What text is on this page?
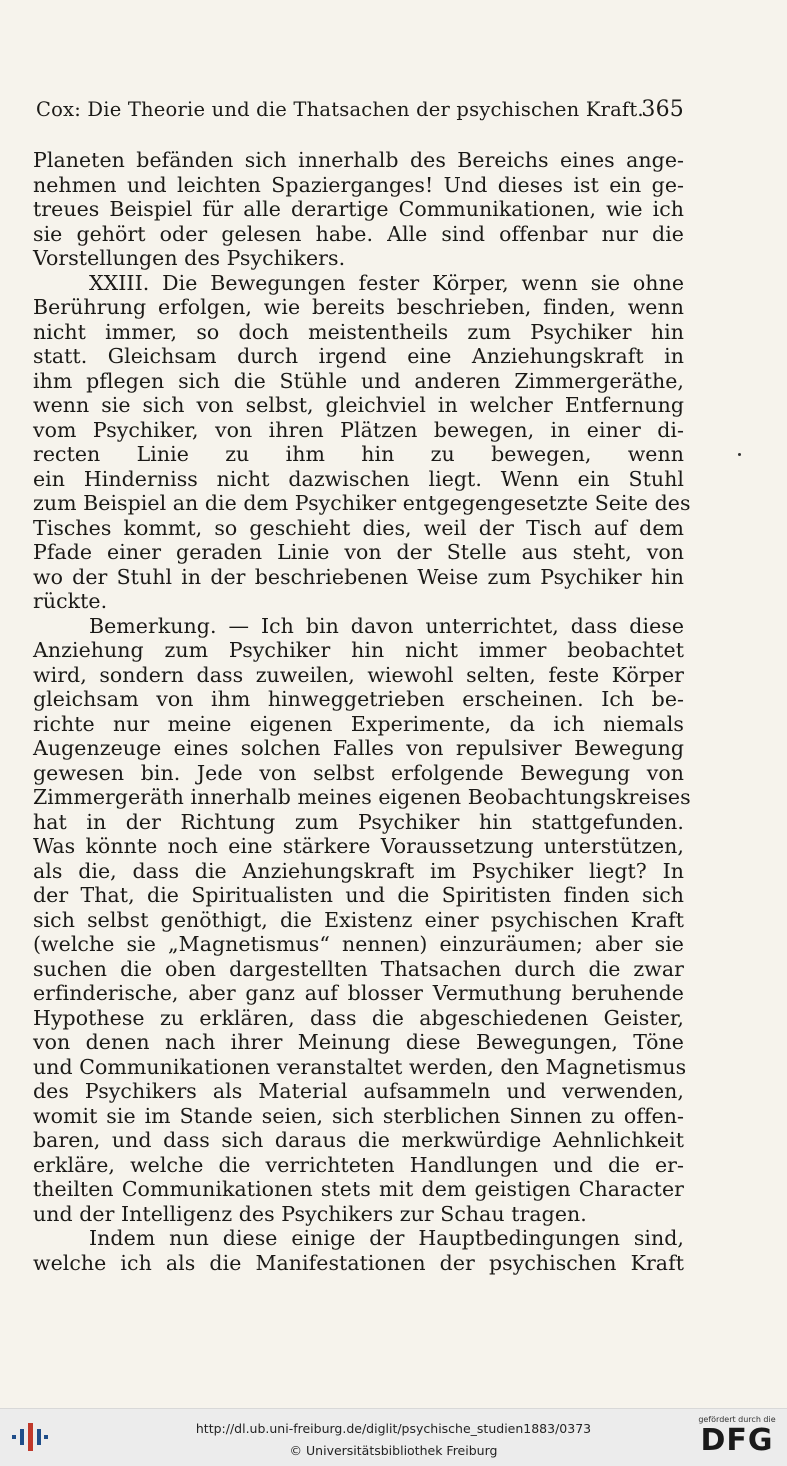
Cox: Die Theorie und die Thatsachen der psychischen Kraft.
365
Planeten befänden sich innerhalb des Bereichs eines ange-
nehmen und leichten Spazierganges! Und dieses ist ein ge-
treues Beispiel für alle derartige Communikationen, wie ich
sie gehört oder gelesen habe. Alle sind offenbar nur die
Vorstellungen des Psychikers.
XXIII. Die Bewegungen fester Körper, wenn sie ohne
Berührung erfolgen, wie bereits beschrieben, finden, wenn
nicht immer, so doch meistentheils zum Psychiker hin
statt. Gleichsam durch irgend eine Anziehungskraft in
ihm pflegen sich die Stühle und anderen Zimmergeräthe,
wenn sie sich von selbst, gleichviel in welcher Entfernung
vom Psychiker, von ihren Plätzen bewegen, in einer di-
recten Linie zu ihm hin zu bewegen, wenn
ein Hinderniss nicht dazwischen liegt. Wenn ein Stuhl
zum Beispiel an die dem Psychiker entgegengesetzte Seite des
Tisches kommt, so geschieht dies, weil der Tisch auf dem
Pfade einer geraden Linie von der Stelle aus steht, von
wo der Stuhl in der beschriebenen Weise zum Psychiker hin
rückte.
Bemerkung. — Ich bin davon unterrichtet, dass diese
Anziehung zum Psychiker hin nicht immer beobachtet
wird, sondern dass zuweilen, wiewohl selten, feste Körper
gleichsam von ihm hinweggetrieben erscheinen. Ich be-
richte nur meine eigenen Experimente, da ich niemals
Augenzeuge eines solchen Falles von repulsiver Bewegung
gewesen bin. Jede von selbst erfolgende Bewegung von
Zimmergeräth innerhalb meines eigenen Beobachtungskreises
hat in der Richtung zum Psychiker hin stattgefunden.
Was könnte noch eine stärkere Voraussetzung unterstützen,
als die, dass die Anziehungskraft im Psychiker liegt? In
der That, die Spiritualisten und die Spiritisten finden sich
sich selbst genöthigt, die Existenz einer psychischen Kraft
(welche sie „Magnetismus“ nennen) einzuräumen; aber sie
suchen die oben dargestellten Thatsachen durch die zwar
erfinderische, aber ganz auf blosser Vermuthung beruhende
Hypothese zu erklären, dass die abgeschiedenen Geister,
von denen nach ihrer Meinung diese Bewegungen, Töne
und Communikationen veranstaltet werden, den Magnetismus
des Psychikers als Material aufsammeln und verwenden,
womit sie im Stande seien, sich sterblichen Sinnen zu offen-
baren, und dass sich daraus die merkwürdige Aehnlichkeit
erkläre, welche die verrichteten Handlungen und die er-
theilten Communikationen stets mit dem geistigen Character
und der Intelligenz des Psychikers zur Schau tragen.
Indem nun diese einige der Hauptbedingungen sind,
welche ich als die Manifestationen der psychischen Kraft
http://dl.ub.uni-freiburg.de/diglit/psychische_studien1883/0373
© Universitätsbibliothek Freiburg
gefördert durch die
DFG
